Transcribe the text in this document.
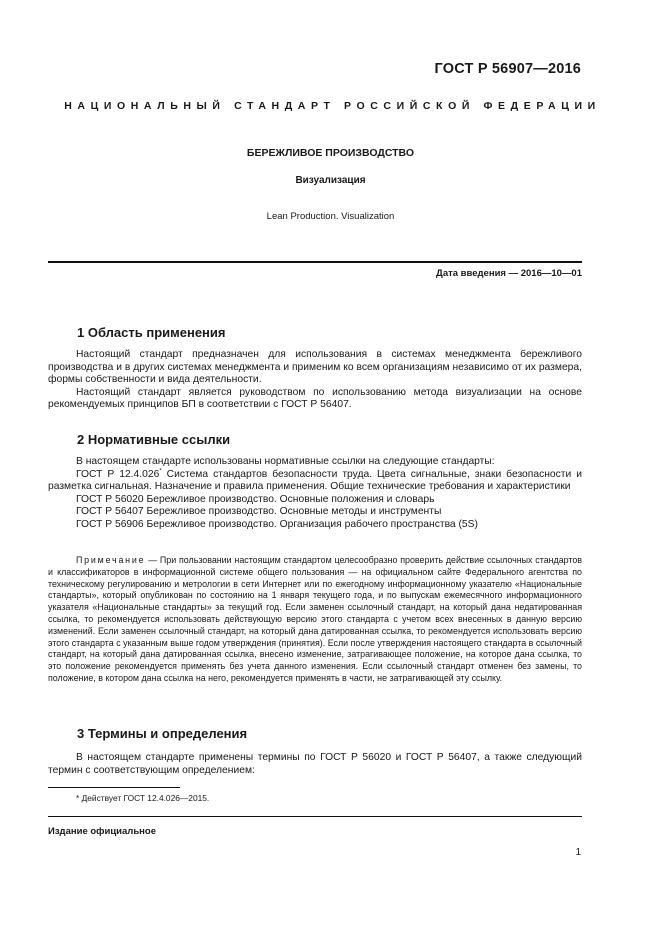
ГОСТ Р 56907—2016
НАЦИОНАЛЬНЫЙ СТАНДАРТ РОССИЙСКОЙ ФЕДЕРАЦИИ
БЕРЕЖЛИВОЕ ПРОИЗВОДСТВО
Визуализация
Lean Production. Visualization
Дата введения — 2016—10—01
1 Область применения

Настоящий стандарт предназначен для использования в системах менеджмента бережливого производства и в других системах менеджмента и применим ко всем организациям независимо от их размера, формы собственности и вида деятельности.

Настоящий стандарт является руководством по использованию метода визуализации на основе рекомендуемых принципов БП в соответствии с ГОСТ Р 56407.

2 Нормативные ссылки

В настоящем стандарте использованы нормативные ссылки на следующие стандарты:

ГОСТ Р 12.4.026* Система стандартов безопасности труда. Цвета сигнальные, знаки безопасности и разметка сигнальная. Назначение и правила применения. Общие технические требования и характеристики

ГОСТ Р 56020 Бережливое производство. Основные положения и словарь

ГОСТ Р 56407 Бережливое производство. Основные методы и инструменты

ГОСТ Р 56906 Бережливое производство. Организация рабочего пространства (5S)

Примечание — При пользовании настоящим стандартом целесообразно проверить действие ссылочных стандартов и классификаторов в информационной системе общего пользования — на официальном сайте Федерального агентства по техническому регулированию и метрологии в сети Интернет или по ежегодному информационному указателю «Национальные стандарты», который опубликован по состоянию на 1 января текущего года, и по выпускам ежемесячного информационного указателя «Национальные стандарты» за текущий год. Если заменен ссылочный стандарт, на который дана недатированная ссылка, то рекомендуется использовать действующую версию этого стандарта с учетом всех внесенных в данную версию изменений. Если заменен ссылочный стандарт, на который дана датированная ссылка, то рекомендуется использовать версию этого стандарта с указанным выше годом утверждения (принятия). Если после утверждения настоящего стандарта в ссылочный стандарт, на который дана датированная ссылка, внесено изменение, затрагивающее положение, на которое дана ссылка, то это положение рекомендуется применять без учета данного изменения. Если ссылочный стандарт отменен без замены, то положение, в котором дана ссылка на него, рекомендуется применять в части, не затрагивающей эту ссылку.

3 Термины и определения

В настоящем стандарте применены термины по ГОСТ Р 56020 и ГОСТ Р 56407, а также следующий термин с соответствующим определением:

* Действует ГОСТ 12.4.026—2015.
Издание официальное
1
